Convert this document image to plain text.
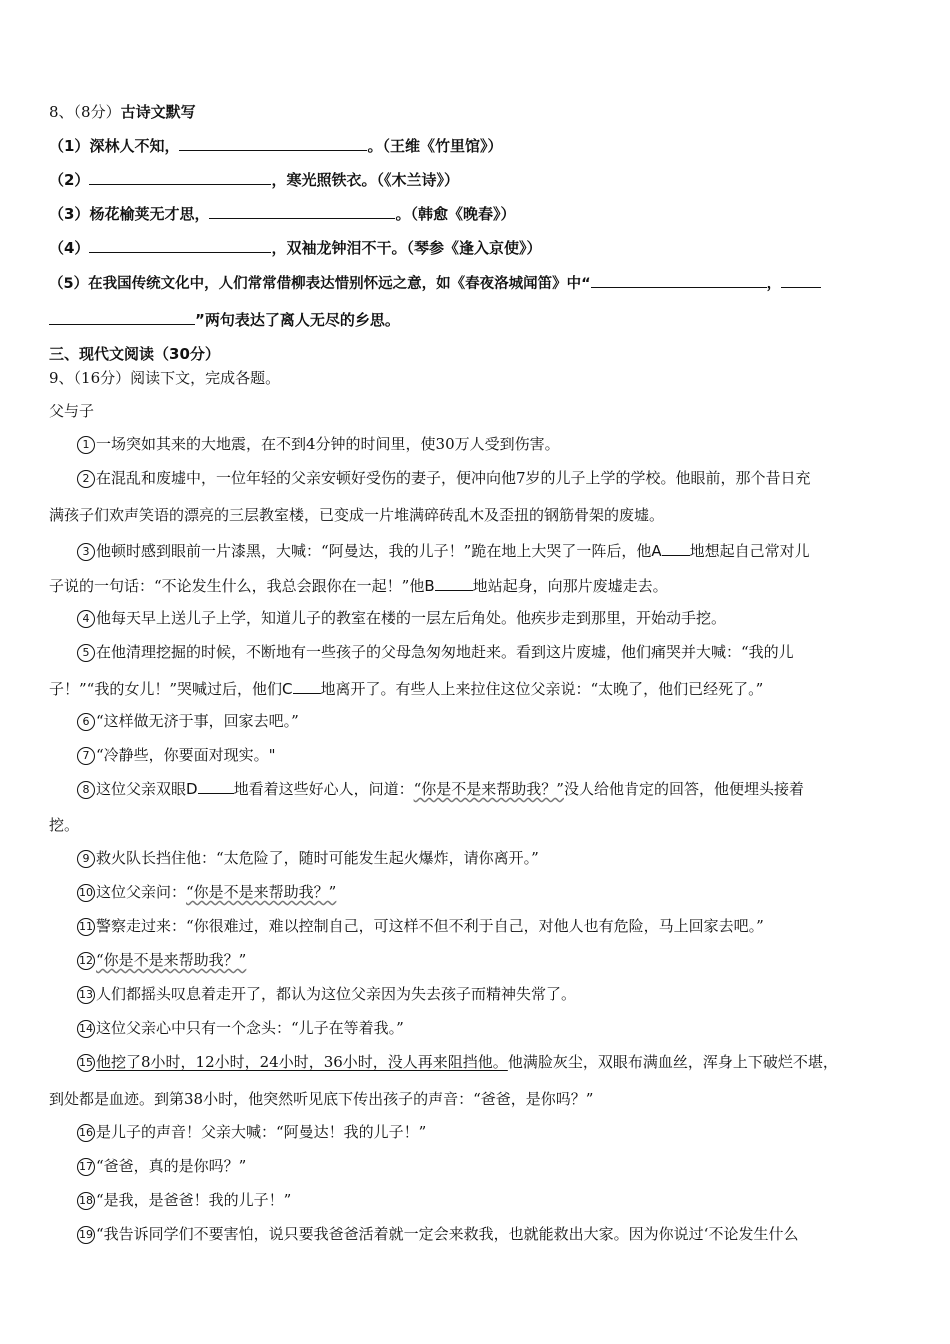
8、（8分）古诗文默写
（1）深林人不知，	。（王维《竹里馆》）
（2）	，寒光照铁衣。（《木兰诗》）
（3）杨花榆荚无才思，	。（韩愈《晚春》）
（4）	，双袖龙钟泪不干。（琴参《逢入京使》）
（5）在我国传统文化中，人们常常借柳表达惜别怀远之意，如《春夜洛城闻笛》中“	，
”两句表达了离人无尽的乡思。
三、现代文阅读（30分）
9、（16分）阅读下文，完成各题。
父与子
1 一场突如其来的大地震，在不到4分钟的时间里，使30万人受到伤害。
2 在混乱和废墟中，一位年轻的父亲安顿好受伤的妻子，便冲向他7岁的儿子上学的学校。他眼前，那个昔日充
满孩子们欢声笑语的漂亮的三层教室楼，已变成一片堆满碎砖乱木及歪扭的钢筋骨架的废墟。
3 他顿时感到眼前一片漆黑，大喊：“阿曼达，我的儿子！”跪在地上大哭了一阵后，他A 地想起自己常对儿
子说的一句话：“不论发生什么，我总会跟你在一起！”他B	地站起身，向那片废墟走去。
4 他每天早上送儿子上学，知道儿子的教室在楼的一层左后角处。他疾步走到那里，开始动手挖。
5 在他清理挖掘的时候，不断地有一些孩子的父母急匆匆地赶来。看到这片废墟，他们痛哭并大喊：“我的儿
子！”“我的女儿！”哭喊过后，他们C 地离开了。有些人上来拉住这位父亲说：“太晚了，他们已经死了。”
6 “这样做无济于事，回家去吧。”
7 “冷静些，你要面对现实。"
8 这位父亲双眼D 地看着这些好心人，问道：“你是不是来帮助我？”没人给他肯定的回答，他便埋头接着
挖。
9 救火队长挡住他：“太危险了，随时可能发生起火爆炸，请你离开。”
10 这位父亲问：“你是不是来帮助我？”
11 警察走过来：“你很难过，难以控制自己，可这样不但不利于自己，对他人也有危险，马上回家去吧。”
12 “你是不是来帮助我？”
13 人们都摇头叹息着走开了，都认为这位父亲因为失去孩子而精神失常了。
14 这位父亲心中只有一个念头：“儿子在等着我。”
15 他挖了8小时，12小时，24小时，36小时，没人再来阻挡他。他满脸灰尘，双眼布满血丝，浑身上下破烂不堪，
到处都是血迹。到第38小时，他突然听见底下传出孩子的声音：“爸爸，是你吗？”
16 是儿子的声音！父亲大喊：“阿曼达！我的儿子！”
17 “爸爸，真的是你吗？”
18 “是我，是爸爸！我的儿子！”
19 “我告诉同学们不要害怕，说只要我爸爸活着就一定会来救我，也就能救出大家。因为你说过‘不论发生什么
